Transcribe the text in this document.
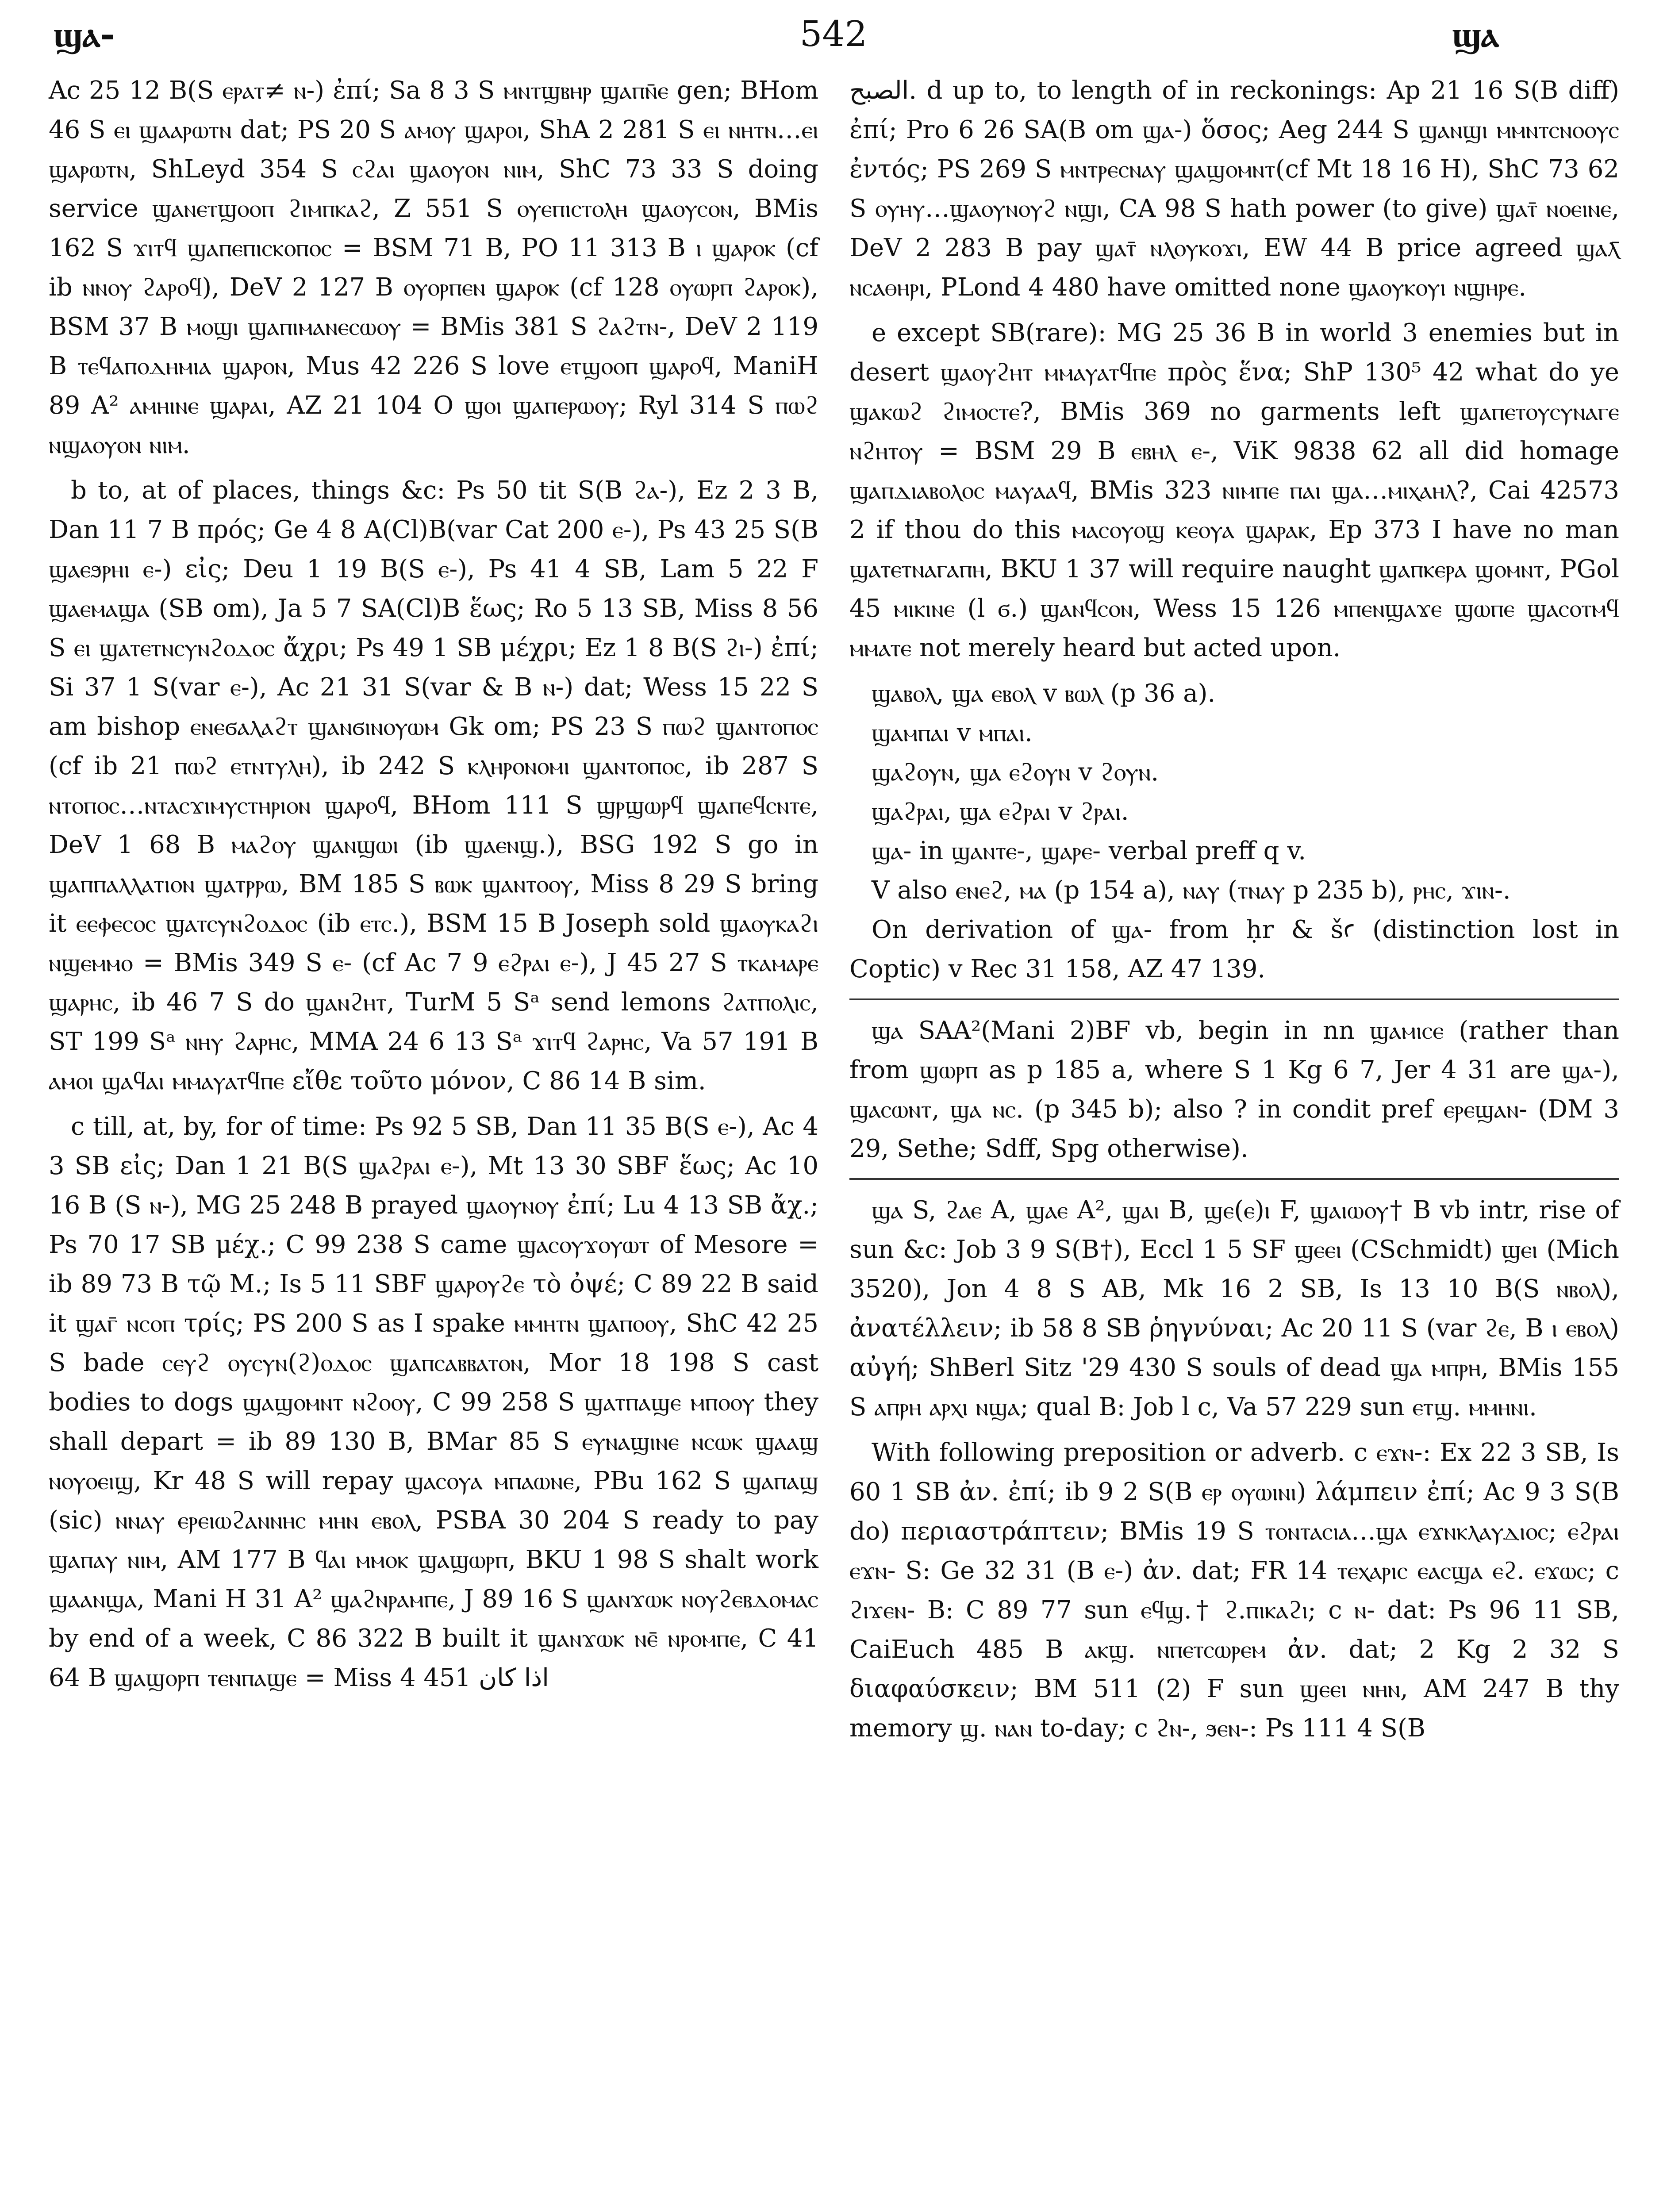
ϣⲁ-	542	ϣⲁ

Ac 25 12 B(S ⲉⲣⲁⲧ≠ ⲛ-) ἐπί; Sa 8 3 S ⲙⲛⲧϣⲃⲏⲣ ϣⲁⲡⲛ̄ⲉ gen; BHom 46 S ⲉⲓ ϣⲁⲁⲣⲱⲧⲛ dat; PS 20 S ⲁⲙⲟⲩ ϣⲁⲣⲟⲓ, ShA 2 281 S ⲉⲓ ⲛⲏⲧⲛ…ⲉⲓ ϣⲁⲣⲱⲧⲛ, ShLeyd 354 S ⲥϩⲁⲓ ϣⲁⲟⲩⲟⲛ ⲛⲓⲙ, ShC 73 33 S doing service ϣⲁⲛⲉⲧϣⲟⲟⲡ ϩⲓⲙⲡⲕⲁϩ, Z 551 S ⲟⲩⲉⲡⲓⲥⲧⲟⲗⲏ ϣⲁⲟⲩⲥⲟⲛ, BMis 162 S ϫⲓⲧϥ ϣⲁⲡⲉⲡⲓⲥⲕⲟⲡⲟⲥ = BSM 71 B, PO 11 313 B ⲓ ϣⲁⲣⲟⲕ (cf ib ⲛⲛⲟⲩ ϩⲁⲣⲟϥ), DeV 2 127 B ⲟⲩⲟⲣⲡⲉⲛ ϣⲁⲣⲟⲕ (cf 128 ⲟⲩⲱⲣⲡ ϩⲁⲣⲟⲕ), BSM 37 B ⲙⲟϣⲓ ϣⲁⲡⲓⲙⲁⲛⲉⲥⲱⲟⲩ = BMis 381 S ϩⲁϩⲧⲛ-, DeV 2 119 B ⲧⲉϥⲁⲡⲟⲇⲏⲙⲓⲁ ϣⲁⲣⲟⲛ, Mus 42 226 S love ⲉⲧϣⲟⲟⲡ ϣⲁⲣⲟϥ, ManiH 89 A² ⲁⲙⲏⲓⲛⲉ ϣⲁⲣⲁⲓ, AZ 21 104 O ϣⲟⲓ ϣⲁⲡⲉⲣⲱⲟⲩ; Ryl 314 S ⲡⲱϩ ⲛϣⲁⲟⲩⲟⲛ ⲛⲓⲙ.

b to, at of places, things &c: Ps 50 tit S(B ϩⲁ-), Ez 2 3 B, Dan 11 7 B πρός; Ge 4 8 A(Cl)B(var Cat 200 ⲉ-), Ps 43 25 S(B ϣⲁⲉϧⲣⲏⲓ ⲉ-) εἰς; Deu 1 19 B(S ⲉ-), Ps 41 4 SB, Lam 5 22 F ϣⲁⲉⲙⲁϣⲁ (SB om), Ja 5 7 SA(Cl)B ἕως; Ro 5 13 SB, Miss 8 56 S ⲉⲓ ϣⲁⲧⲉⲧⲛⲥⲩⲛϩⲟⲇⲟⲥ ἄχρι; Ps 49 1 SB μέχρι; Ez 1 8 B(S ϩⲓ-) ἐπί; Si 37 1 S(var ⲉ-), Ac 21 31 S(var & B ⲛ-) dat; Wess 15 22 S am bishop ⲉⲛⲉϭⲁⲗⲁϩⲧ ϣⲁⲛϭⲓⲛⲟⲩⲱⲙ Gk om; PS 23 S ⲡⲱϩ ϣⲁⲛⲧⲟⲡⲟⲥ (cf ib 21 ⲡⲱϩ ⲉⲧⲛⲧⲩⲗⲏ), ib 242 S ⲕⲗⲏⲣⲟⲛⲟⲙⲓ ϣⲁⲛⲧⲟⲡⲟⲥ, ib 287 S ⲛⲧⲟⲡⲟⲥ…ⲛⲧⲁⲥϫⲓⲙⲩⲥⲧⲏⲣⲓⲟⲛ ϣⲁⲣⲟϥ, BHom 111 S ϣⲣϣⲱⲣϥ ϣⲁⲡⲉϥⲥⲛⲧⲉ, DeV 1 68 B ⲙⲁϩⲟⲩ ϣⲁⲛϣⲱⲓ (ib ϣⲁⲉⲛϣ.), BSG 192 S go in ϣⲁⲡⲡⲁⲗⲗⲁⲧⲓⲟⲛ ϣⲁⲧⲣⲣⲱ, BM 185 S ⲃⲱⲕ ϣⲁⲛⲧⲟⲟⲩ, Miss 8 29 S bring it ⲉⲉⲫⲉⲥⲟⲥ ϣⲁⲧⲥⲩⲛϩⲟⲇⲟⲥ (ib ⲉⲧⲥ.), BSM 15 B Joseph sold ϣⲁⲟⲩⲕⲁϩⲓ ⲛϣⲉⲙⲙⲟ = BMis 349 S ⲉ- (cf Ac 7 9 ⲉϩⲣⲁⲓ ⲉ-), J 45 27 S ⲧⲕⲁⲙⲁⲣⲉ ϣⲁⲣⲏⲥ, ib 46 7 S do ϣⲁⲛϩⲏⲧ, TurM 5 Sᵃ send lemons ϩⲁⲧⲡⲟⲗⲓⲥ, ST 199 Sᵃ ⲛⲏⲩ ϩⲁⲣⲏⲥ, MMA 24 6 13 Sᵃ ϫⲓⲧϥ ϩⲁⲣⲏⲥ, Va 57 191 B ⲁⲙⲟⲓ ϣⲁϥⲁⲓ ⲙⲙⲁⲩⲁⲧϥⲡⲉ εἴθε τοῦτο μόνον, C 86 14 B sim.

c till, at, by, for of time: Ps 92 5 SB, Dan 11 35 B(S ⲉ-), Ac 4 3 SB εἰς; Dan 1 21 B(S ϣⲁϩⲣⲁⲓ ⲉ-), Mt 13 30 SBF ἕως; Ac 10 16 B (S ⲛ-), MG 25 248 B prayed ϣⲁⲟⲩⲛⲟⲩ ἐπί; Lu 4 13 SB ἄχ.; Ps 70 17 SB μέχ.; C 99 238 S came ϣⲁⲥⲟⲩϫⲟⲩⲱⲧ of Mesore = ib 89 73 B τῷ M.; Is 5 11 SBF ϣⲁⲣⲟⲩϩⲉ τὸ ὀψέ; C 89 22 B said it ϣⲁⲅ̄ ⲛⲥⲟⲡ τρίς; PS 200 S as I spake ⲙⲙⲏⲧⲛ ϣⲁⲡⲟⲟⲩ, ShC 42 25 S bade ⲥⲉⲩϩ ⲟⲩⲥⲩⲛ(ϩ)ⲟⲇⲟⲥ ϣⲁⲡⲥⲁⲃⲃⲁⲧⲟⲛ, Mor 18 198 S cast bodies to dogs ϣⲁϣⲟⲙⲛⲧ ⲛϩⲟⲟⲩ, C 99 258 S ϣⲁⲧⲡⲁϣⲉ ⲙⲡⲟⲟⲩ they shall depart = ib 89 130 B, BMar 85 S ⲉⲩⲛⲁϣⲓⲛⲉ ⲛⲥⲱⲕ ϣⲁⲁϣ ⲛⲟⲩⲟⲉⲓϣ, Kr 48 S will repay ϣⲁⲥⲟⲩⲁ ⲙⲡⲁⲱⲛⲉ, PBu 162 S ϣⲁⲡⲁϣ (sic) ⲛⲛⲁⲩ ⲉⲣⲉⲓⲱϩⲁⲛⲛⲏⲥ ⲙⲏⲛ ⲉⲃⲟⲗ, PSBA 30 204 S ready to pay ϣⲁⲡⲁⲩ ⲛⲓⲙ, AM 177 B ϥⲁⲓ ⲙⲙⲟⲕ ϣⲁϣⲱⲣⲡ, BKU 1 98 S shalt work ϣⲁⲁⲛϣⲁ, Mani H 31 A² ϣⲁϩⲛⲣⲁⲙⲡⲉ, J 89 16 S ϣⲁⲛϫⲱⲕ ⲛⲟⲩϩⲉⲃⲇⲟⲙⲁⲥ by end of a week, C 86 322 B built it ϣⲁⲛϫⲱⲕ ⲛⲉ̄ ⲛⲣⲟⲙⲡⲉ, C 41 64 B ϣⲁϣⲟⲣⲡ ⲧⲉⲛⲡⲁϣⲉ = Miss 4 451 اذا كان

الصبح. d up to, to length of in reckonings: Ap 21 16 S(B diff) ἐπί; Pro 6 26 SA(B om ϣⲁ-) ὅσος; Aeg 244 S ϣⲁⲛϣⲓ ⲙⲙⲛⲧⲥⲛⲟⲟⲩⲥ ἐντός; PS 269 S ⲙⲛⲧⲣⲉⲥⲛⲁⲩ ϣⲁϣⲟⲙⲛⲧ(cf Mt 18 16 H), ShC 73 62 S ⲟⲩⲏⲩ…ϣⲁⲟⲩⲛⲟⲩϩ ⲛϣⲓ, CA 98 S hath power (to give) ϣⲁⲧ̄ ⲛⲟⲉⲓⲛⲉ, DeV 2 283 B pay ϣⲁⲧ̄ ⲛⲗⲟⲩⲕⲟϫⲓ, EW 44 B price agreed ϣⲁⲗ̄ ⲛⲥⲁⲑⲏⲣⲓ, PLond 4 480 have omitted none ϣⲁⲟⲩⲕⲟⲩⲓ ⲛϣⲏⲣⲉ.

e except SB(rare): MG 25 36 B in world 3 enemies but in desert ϣⲁⲟⲩϩⲏⲧ ⲙⲙⲁⲩⲁⲧϥⲡⲉ πρὸς ἕνα; ShP 130⁵ 42 what do ye ϣⲁⲕⲱϩ ϩⲓⲙⲟⲥⲧⲉ?, BMis 369 no garments left ϣⲁⲡⲉⲧⲟⲩⲥⲩⲛⲁⲅⲉ ⲛϩⲏⲧⲟⲩ = BSM 29 B ⲉⲃⲏⲗ ⲉ-, ViK 9838 62 all did homage ϣⲁⲡⲇⲓⲁⲃⲟⲗⲟⲥ ⲙⲁⲩⲁⲁϥ, BMis 323 ⲛⲓⲙⲡⲉ ⲡⲁⲓ ϣⲁ…ⲙⲓⲭⲁⲏⲗ?, Cai 42573 2 if thou do this ⲙⲁⲥⲟⲩⲟϣ ⲕⲉⲟⲩⲁ ϣⲁⲣⲁⲕ, Ep 373 I have no man ϣⲁⲧⲉⲧⲛⲁⲅⲁⲡⲏ, BKU 1 37 will require naught ϣⲁⲡⲕⲉⲣⲁ ϣⲟⲙⲛⲧ, PGol 45 ⲙⲓⲕⲓⲛⲉ (l ϭ.) ϣⲁⲛϥⲥⲟⲛ, Wess 15 126 ⲙⲡⲉⲛϣⲁϫⲉ ϣⲱⲡⲉ ϣⲁⲥⲟⲧⲙϥ ⲙⲙⲁⲧⲉ not merely heard but acted upon.

ϣⲁⲃⲟⲗ, ϣⲁ ⲉⲃⲟⲗ v ⲃⲱⲗ (p 36 a).

ϣⲁⲙⲡⲁⲓ v ⲙⲡⲁⲓ.

ϣⲁϩⲟⲩⲛ, ϣⲁ ⲉϩⲟⲩⲛ v ϩⲟⲩⲛ.

ϣⲁϩⲣⲁⲓ, ϣⲁ ⲉϩⲣⲁⲓ v ϩⲣⲁⲓ.

ϣⲁ- in ϣⲁⲛⲧⲉ-, ϣⲁⲣⲉ- verbal preff q v.

V also ⲉⲛⲉϩ, ⲙⲁ (p 154 a), ⲛⲁⲩ (ⲧⲛⲁⲩ p 235 b), ⲣⲏⲥ, ϫⲓⲛ-.

On derivation of ϣⲁ- from ḥr & šꜥ (distinction lost in Coptic) v Rec 31 158, AZ 47 139.

ϣⲁ SAA²(Mani 2)BF vb, begin in nn ϣⲁⲙⲓⲥⲉ (rather than from ϣⲱⲣⲡ as p 185 a, where S 1 Kg 6 7, Jer 4 31 are ϣⲁ-), ϣⲁⲥⲱⲛⲧ, ϣⲁ ⲛⲥ. (p 345 b); also ? in condit pref ⲉⲣⲉϣⲁⲛ- (DM 3 29, Sethe; Sdff, Spg otherwise).

ϣⲁ S, ϩⲁⲉ A, ϣⲁⲉ A², ϣⲁⲓ B, ϣⲉ(ⲉ)ⲓ F, ϣⲁⲓⲱⲟⲩ† B vb intr, rise of sun &c: Job 3 9 S(B†), Eccl 1 5 SF ϣⲉⲉⲓ (CSchmidt) ϣⲉⲓ (Mich 3520), Jon 4 8 S AB, Mk 16 2 SB, Is 13 10 B(S ⲛⲃⲟⲗ), ἀνατέλλειν; ib 58 8 SB ῥηγνύναι; Ac 20 11 S (var ϩⲉ, B ⲓ ⲉⲃⲟⲗ) αὐγή; ShBerl Sitz '29 430 S souls of dead ϣⲁ ⲙⲡⲣⲏ, BMis 155 S ⲁⲡⲣⲏ ⲁⲣⲭⲓ ⲛϣⲁ; qual B: Job l c, Va 57 229 sun ⲉⲧϣ. ⲙⲙⲏⲛⲓ.

With following preposition or adverb. c ⲉϫⲛ-: Ex 22 3 SB, Is 60 1 SB ἀν. ἐπί; ib 9 2 S(B ⲉⲣ ⲟⲩⲱⲓⲛⲓ) λάμπειν ἐπί; Ac 9 3 S(B do) περιαστράπτειν; BMis 19 S ⲧⲟⲛⲧⲁⲥⲓⲁ…ϣⲁ ⲉϫⲛⲕⲗⲁⲩⲇⲓⲟⲥ; ⲉϩⲣⲁⲓ ⲉϫⲛ- S: Ge 32 31 (B ⲉ-) ἀν. dat; FR 14 ⲧⲉⲭⲁⲣⲓⲥ ⲉⲁⲥϣⲁ ⲉϩ. ⲉϫⲱⲥ; c ϩⲓϫⲉⲛ- B: C 89 77 sun ⲉϥϣ.† ϩ.ⲡⲓⲕⲁϩⲓ; c ⲛ- dat: Ps 96 11 SB, CaiEuch 485 B ⲁⲕϣ. ⲛⲡⲉⲧⲥⲱⲣⲉⲙ ἀν. dat; 2 Kg 2 32 S διαφαύσκειν; BM 511 (2) F sun ϣⲉⲉⲓ ⲛⲏⲛ, AM 247 B thy memory ϣ. ⲛⲁⲛ to-day; c ϩⲛ-, ϧⲉⲛ-: Ps 111 4 S(B
